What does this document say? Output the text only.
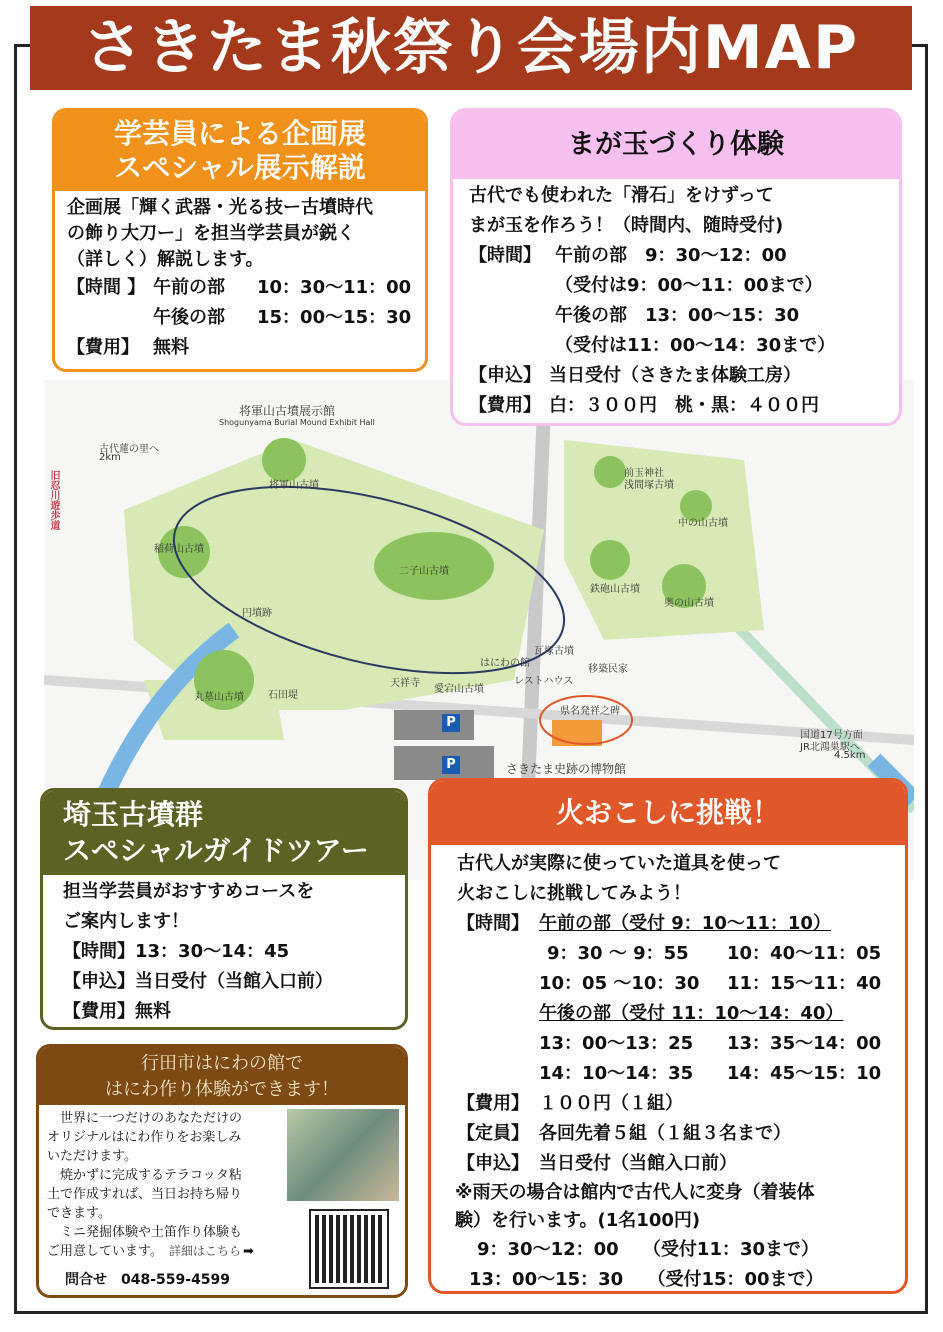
さきたま秋祭り会場内MAP
将軍山古墳展示館
Shogunyama Burial Mound Exhibit Hall
古代蓮の里へ
2km
旧忍川遊歩道	将軍山古墳
稲荷山古墳
二子山古墳
円墳跡
丸墓山古墳 石田堤
天祥寺
はにわの館
愛宕山古墳
レストハウス
瓦塚古墳
移築民家
県名発祥之碑
前玉神社
浅間塚古墳
中の山古墳
鉄砲山古墳
奥の山古墳
さきたま史跡の博物館
国道17号方面
JR北鴻巣駅へ
4.5km
P
P
学芸員による企画展
スペシャル展示解説
企画展「輝く武器・光る技ー古墳時代
の飾り大刀ー」を担当学芸員が鋭く
（詳しく）解説します。
【時間 】 午前の部	10：30～11：00
午後の部	15：00～15：30
【費用】 無料
まが玉づくり体験
古代でも使われた「滑石」をけずって
まが玉を作ろう！（時間内、随時受付)
【時間】 午前の部　9：30～12：00
（受付は9：00～11：00まで）
午後の部　13：00～15：30
（受付は11：00～14：30まで）
【申込】 当日受付（さきたま体験工房）
【費用】 白：３００円　桃・黒：４００円
埼玉古墳群
スペシャルガイドツアー
担当学芸員がおすすめコースを
ご案内します！
【時間】 13：30～14：45
【申込】 当日受付（当館入口前）
【費用】 無料
行田市はにわの館で
はにわ作り体験ができます！
　世界に一つだけのあなただけの
オリジナルはにわ作りをお楽しみ
いただけます。
　焼かずに完成するテラコッタ粘
土で作成すれば、当日お持ち帰り
できます。
　ミニ発掘体験や土笛作り体験も
ご用意しています。 詳細はこちら ➡
問合せ　048‐559‐4599
火おこしに挑戦！
古代人が実際に使っていた道具を使って
火おこしに挑戦してみよう！
【時間】 午前の部（受付 9：10～11：10）
9：30 ～ 9：55	10：40～11：05
10：05 ～10：30	11：15～11：40
午後の部（受付 11：10～14：40）
13：00～13：25	13：35～14：00
14：10～14：35	14：45～15：10
【費用】 １００円（１組）
【定員】 各回先着５組（１組３名まで）
【申込】 当日受付（当館入口前）
※雨天の場合は館内で古代人に変身（着装体
験）を行います。(1名100円)
9：30～12：00　 （受付11：30まで）
13：00～15：30　 （受付15：00まで）
